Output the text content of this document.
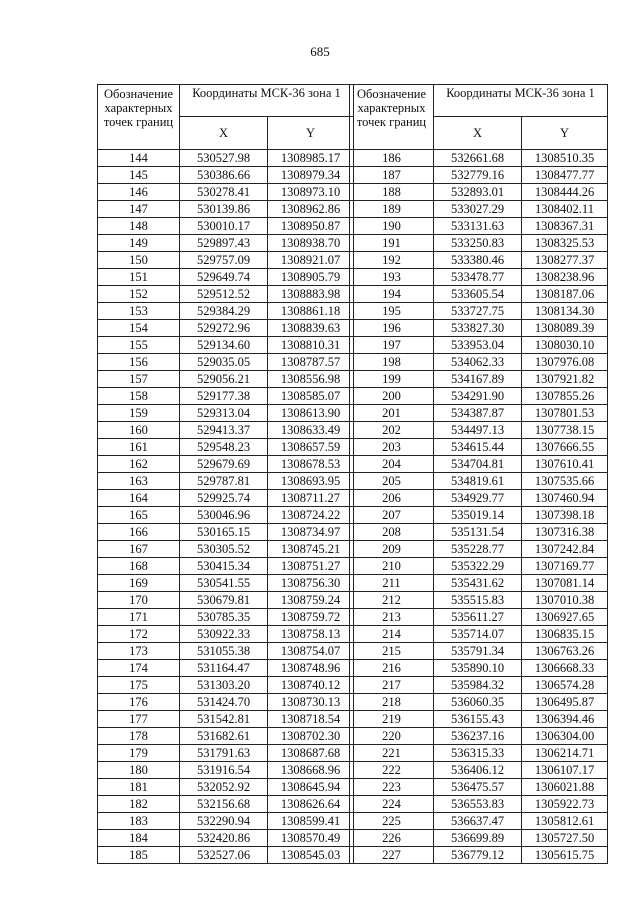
685
Обозначение характерных точек границ	Координаты МСК-36 зона 1	
	X	Y
144	530527.98	1308985.17
145	530386.66	1308979.34
146	530278.41	1308973.10
147	530139.86	1308962.86
148	530010.17	1308950.87
149	529897.43	1308938.70
150	529757.09	1308921.07
151	529649.74	1308905.79
152	529512.52	1308883.98
153	529384.29	1308861.18
154	529272.96	1308839.63
155	529134.60	1308810.31
156	529035.05	1308787.57
157	529056.21	1308556.98
158	529177.38	1308585.07
159	529313.04	1308613.90
160	529413.37	1308633.49
161	529548.23	1308657.59
162	529679.69	1308678.53
163	529787.81	1308693.95
164	529925.74	1308711.27
165	530046.96	1308724.22
166	530165.15	1308734.97
167	530305.52	1308745.21
168	530415.34	1308751.27
169	530541.55	1308756.30
170	530679.81	1308759.24
171	530785.35	1308759.72
172	530922.33	1308758.13
173	531055.38	1308754.07
174	531164.47	1308748.96
175	531303.20	1308740.12
176	531424.70	1308730.13
177	531542.81	1308718.54
178	531682.61	1308702.30
179	531791.63	1308687.68
180	531916.54	1308668.96
181	532052.92	1308645.94
182	532156.68	1308626.64
183	532290.94	1308599.41
184	532420.86	1308570.49
185	532527.06	1308545.03
Обозначение характерных точек границ	Координаты МСК-36 зона 1	
	X	Y
186	532661.68	1308510.35
187	532779.16	1308477.77
188	532893.01	1308444.26
189	533027.29	1308402.11
190	533131.63	1308367.31
191	533250.83	1308325.53
192	533380.46	1308277.37
193	533478.77	1308238.96
194	533605.54	1308187.06
195	533727.75	1308134.30
196	533827.30	1308089.39
197	533953.04	1308030.10
198	534062.33	1307976.08
199	534167.89	1307921.82
200	534291.90	1307855.26
201	534387.87	1307801.53
202	534497.13	1307738.15
203	534615.44	1307666.55
204	534704.81	1307610.41
205	534819.61	1307535.66
206	534929.77	1307460.94
207	535019.14	1307398.18
208	535131.54	1307316.38
209	535228.77	1307242.84
210	535322.29	1307169.77
211	535431.62	1307081.14
212	535515.83	1307010.38
213	535611.27	1306927.65
214	535714.07	1306835.15
215	535791.34	1306763.26
216	535890.10	1306668.33
217	535984.32	1306574.28
218	536060.35	1306495.87
219	536155.43	1306394.46
220	536237.16	1306304.00
221	536315.33	1306214.71
222	536406.12	1306107.17
223	536475.57	1306021.88
224	536553.83	1305922.73
225	536637.47	1305812.61
226	536699.89	1305727.50
227	536779.12	1305615.75
